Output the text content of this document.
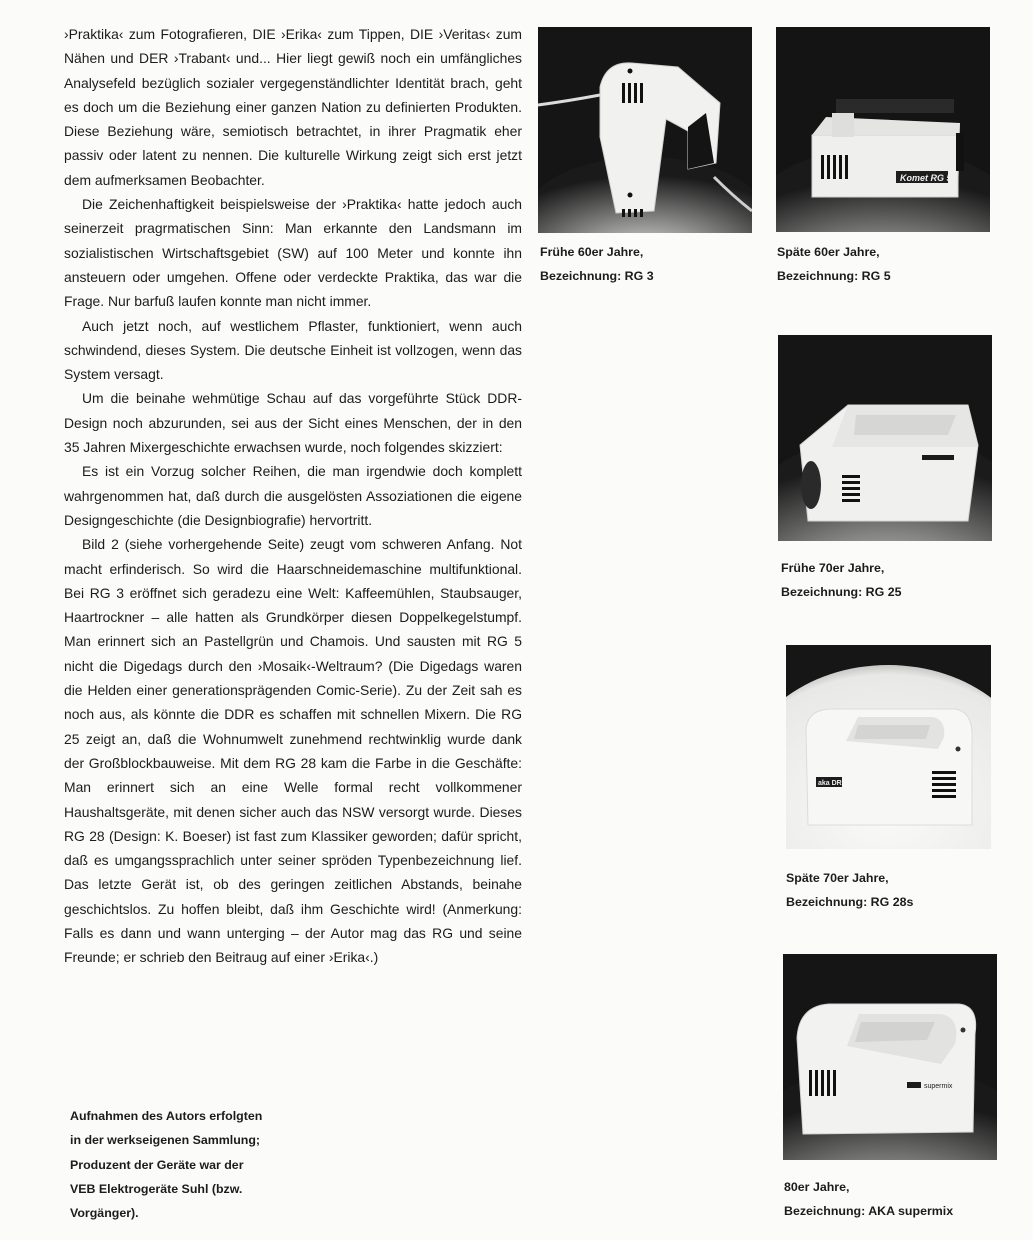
›Praktika‹ zum Fotografieren, DIE ›Erika‹ zum Tippen, DIE ›Veritas‹ zum Nähen und DER ›Trabant‹ und... Hier liegt gewiß noch ein umfängliches Analysefeld bezüglich sozialer vergegenständlichter Identität brach, geht es doch um die Beziehung einer ganzen Nation zu definierten Produkten. Diese Beziehung wäre, semiotisch betrachtet, in ihrer Pragmatik eher passiv oder latent zu nennen. Die kulturelle Wirkung zeigt sich erst jetzt dem aufmerksamen Beobachter.

Die Zeichenhaftigkeit beispielsweise der ›Praktika‹ hatte jedoch auch seinerzeit pragrmatischen Sinn: Man erkannte den Landsmann im sozialistischen Wirtschaftsgebiet (SW) auf 100 Meter und konnte ihn ansteuern oder umgehen. Offene oder verdeckte Praktika, das war die Frage. Nur barfuß laufen konnte man nicht immer.

Auch jetzt noch, auf westlichem Pflaster, funktioniert, wenn auch schwindend, dieses System. Die deutsche Einheit ist vollzogen, wenn das System versagt.

Um die beinahe wehmütige Schau auf das vorgeführte Stück DDR-Design noch abzurunden, sei aus der Sicht eines Menschen, der in den 35 Jahren Mixergeschichte erwachsen wurde, noch folgendes skizziert:

Es ist ein Vorzug solcher Reihen, die man irgendwie doch komplett wahrgenommen hat, daß durch die ausgelösten Assoziationen die eigene Designgeschichte (die Designbiografie) hervortritt.

Bild 2 (siehe vorhergehende Seite) zeugt vom schweren Anfang. Not macht erfinderisch. So wird die Haarschneidemaschine multifunktional. Bei RG 3 eröffnet sich geradezu eine Welt: Kaffeemühlen, Staubsauger, Haartrockner – alle hatten als Grundkörper diesen Doppelkegelstumpf. Man erinnert sich an Pastellgrün und Chamois. Und sausten mit RG 5 nicht die Digedags durch den ›Mosaik‹-Weltraum? (Die Digedags waren die Helden einer generationsprägenden Comic-Serie). Zu der Zeit sah es noch aus, als könnte die DDR es schaffen mit schnellen Mixern. Die RG 25 zeigt an, daß die Wohnumwelt zunehmend rechtwinklig wurde dank der Großblockbauweise. Mit dem RG 28 kam die Farbe in die Geschäfte: Man erinnert sich an eine Welle formal recht vollkommener Haushaltsgeräte, mit denen sicher auch das NSW versorgt wurde. Dieses RG 28 (Design: K. Boeser) ist fast zum Klassiker geworden; dafür spricht, daß es umgangssprachlich unter seiner spröden Typenbezeichnung lief. Das letzte Gerät ist, ob des geringen zeitlichen Abstands, beinahe geschichtslos. Zu hoffen bleibt, daß ihm Geschichte wird! (Anmerkung: Falls es dann und wann unterging – der Autor mag das RG und seine Freunde; er schrieb den Beitraug auf einer ›Erika‹.)

Aufnahmen des Autors erfolgten
in der werkseigenen Sammlung;
Produzent der Geräte war der
VEB Elektrogeräte Suhl (bzw.
Vorgänger).
Frühe 60er Jahre,
Bezeichnung: RG 3
Komet RG 5
Späte 60er Jahre,
Bezeichnung: RG 5
Frühe 70er Jahre,
Bezeichnung: RG 25
aka DR
Späte 70er Jahre,
Bezeichnung: RG 28s
supermix
80er Jahre,
Bezeichnung: AKA supermix
